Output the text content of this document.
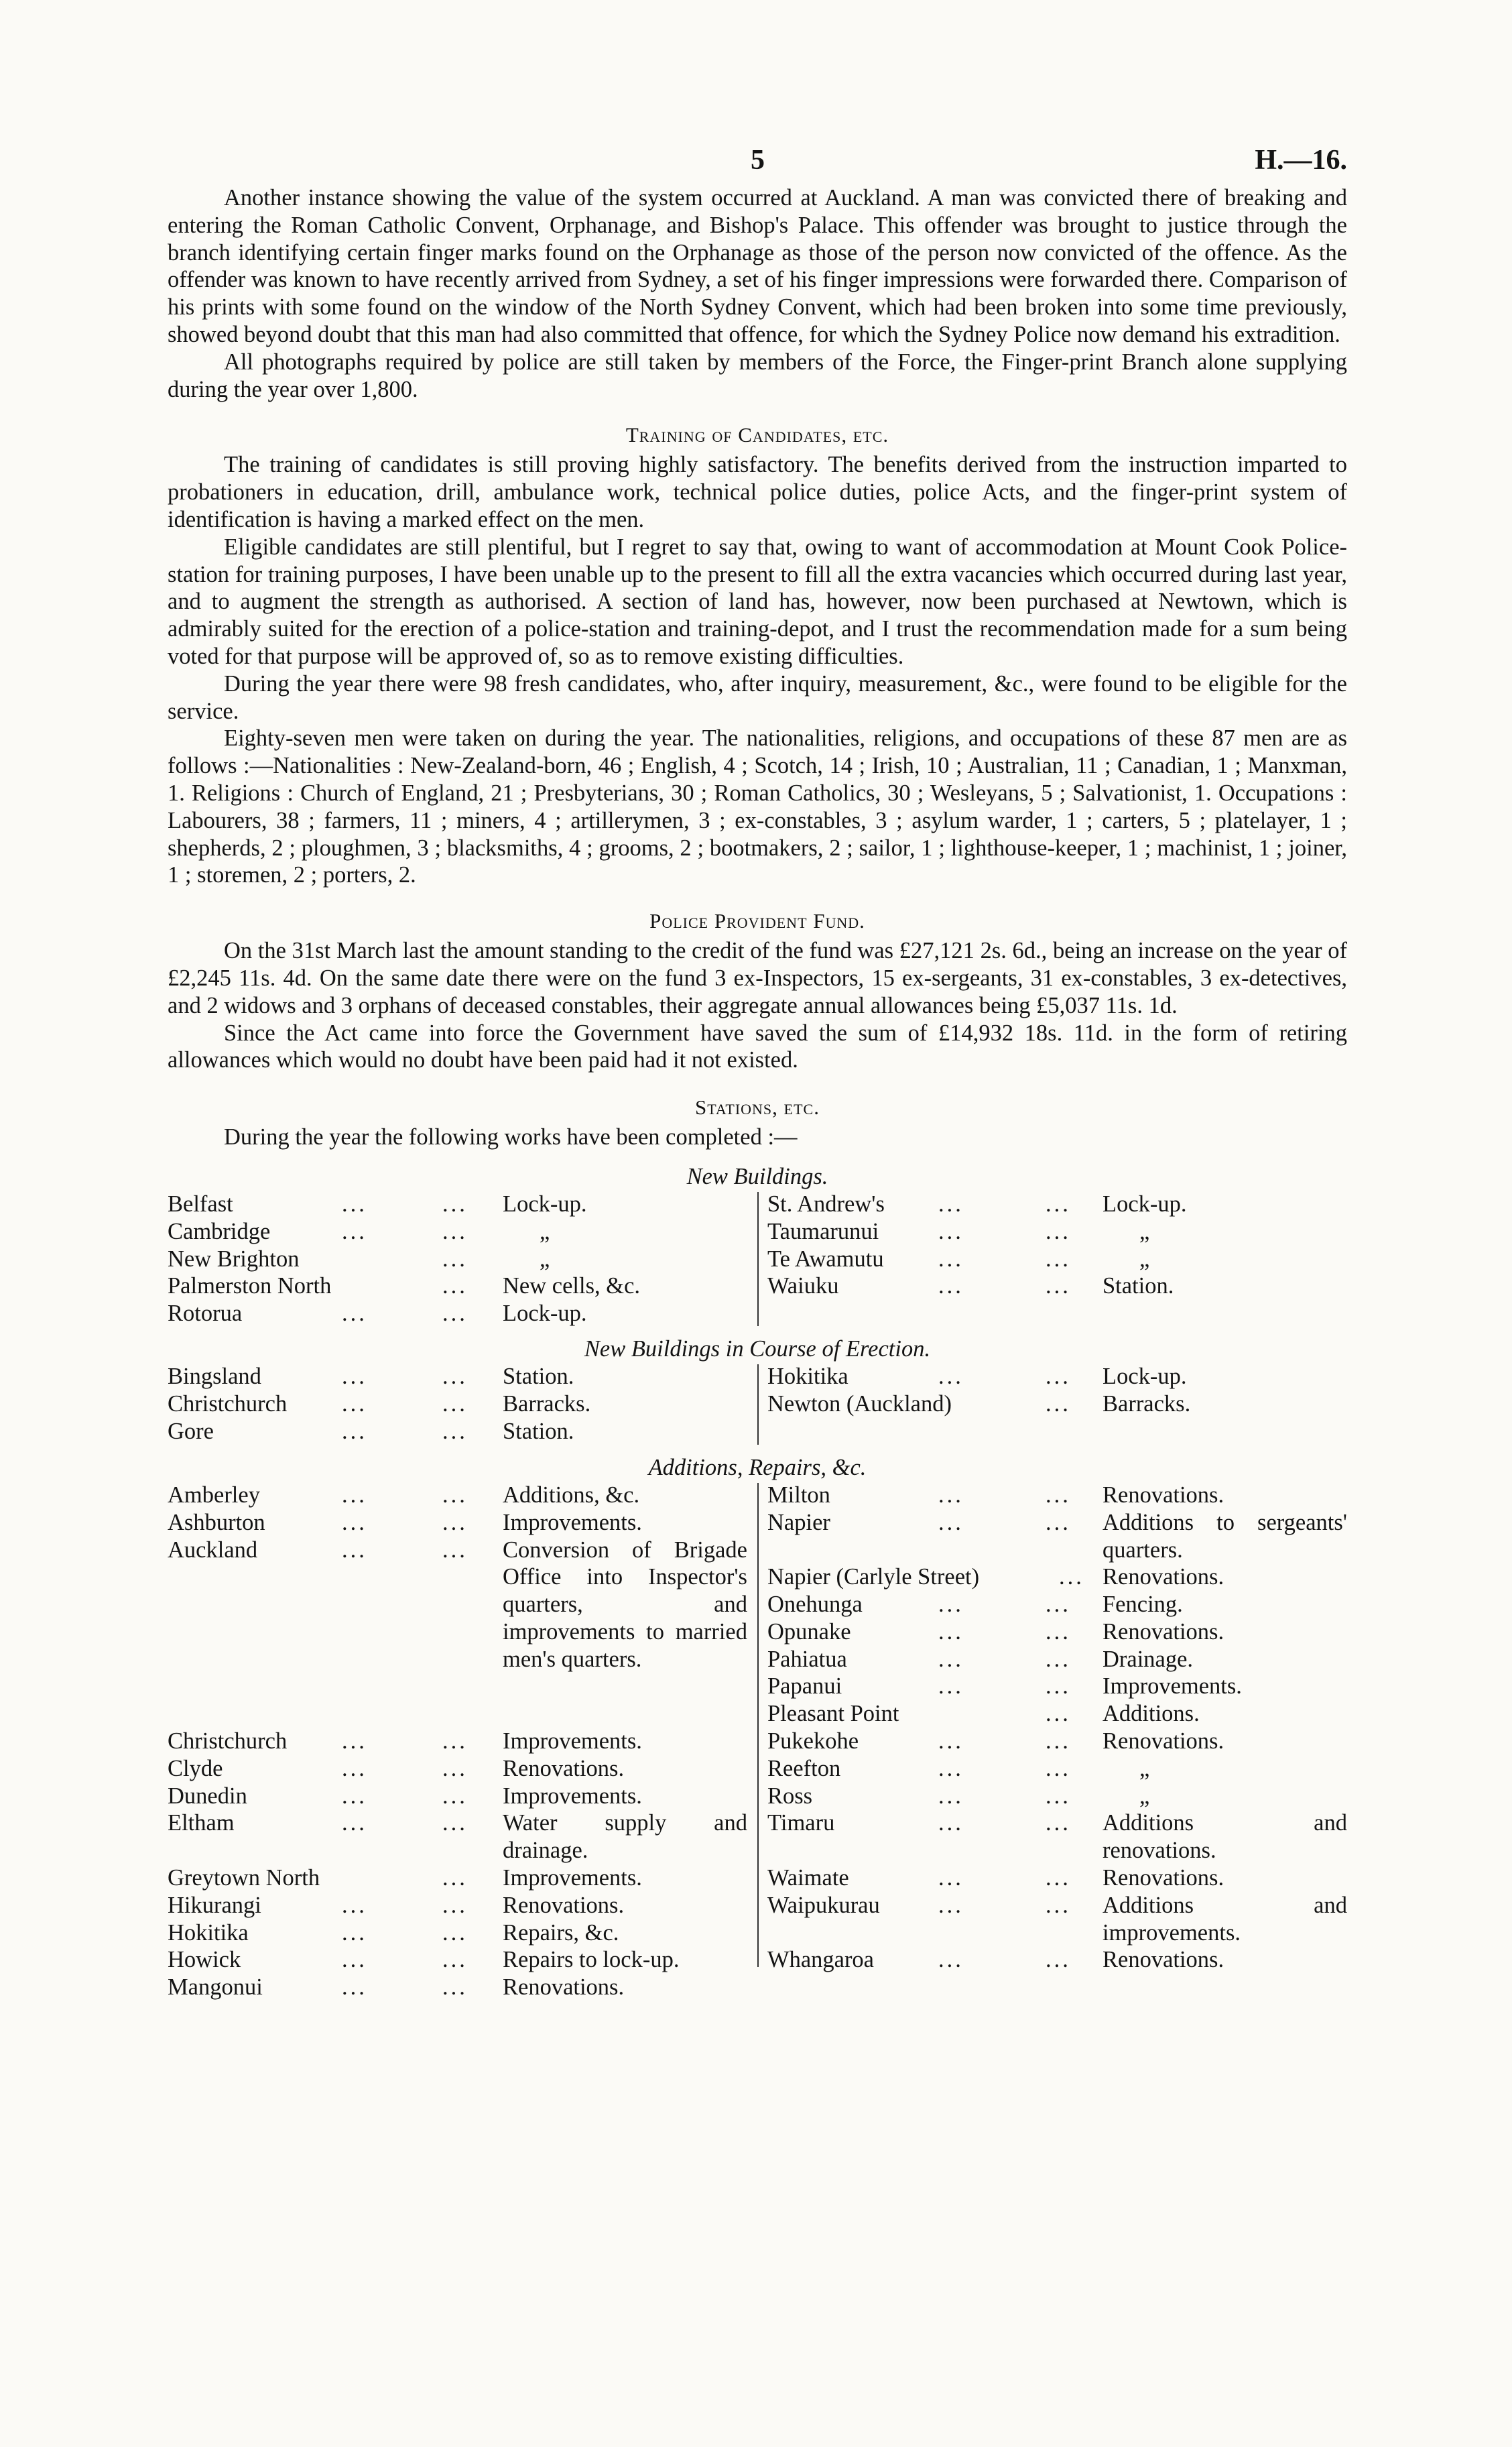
5	H.—16.

Another instance showing the value of the system occurred at Auckland. A man was convicted there of breaking and entering the Roman Catholic Convent, Orphanage, and Bishop's Palace. This offender was brought to justice through the branch identifying certain finger marks found on the Orphanage as those of the person now convicted of the offence. As the offender was known to have recently arrived from Sydney, a set of his finger impressions were forwarded there. Comparison of his prints with some found on the window of the North Sydney Convent, which had been broken into some time previously, showed beyond doubt that this man had also committed that offence, for which the Sydney Police now demand his extradition.

All photographs required by police are still taken by members of the Force, the Finger-print Branch alone supplying during the year over 1,800.

Training of Candidates, etc.

The training of candidates is still proving highly satisfactory. The benefits derived from the instruction imparted to probationers in education, drill, ambulance work, technical police duties, police Acts, and the finger-print system of identification is having a marked effect on the men.

Eligible candidates are still plentiful, but I regret to say that, owing to want of accommodation at Mount Cook Police-station for training purposes, I have been unable up to the present to fill all the extra vacancies which occurred during last year, and to augment the strength as authorised. A section of land has, however, now been purchased at Newtown, which is admirably suited for the erection of a police-station and training-depot, and I trust the recommendation made for a sum being voted for that purpose will be approved of, so as to remove existing difficulties.

During the year there were 98 fresh candidates, who, after inquiry, measurement, &c., were found to be eligible for the service.

Eighty-seven men were taken on during the year. The nationalities, religions, and occupations of these 87 men are as follows :—Nationalities : New-Zealand-born, 46 ; English, 4 ; Scotch, 14 ; Irish, 10 ; Australian, 11 ; Canadian, 1 ; Manxman, 1. Religions : Church of England, 21 ; Presbyterians, 30 ; Roman Catholics, 30 ; Wesleyans, 5 ; Salvationist, 1. Occupations : Labourers, 38 ; farmers, 11 ; miners, 4 ; artillerymen, 3 ; ex-constables, 3 ; asylum warder, 1 ; carters, 5 ; platelayer, 1 ; shepherds, 2 ; ploughmen, 3 ; blacksmiths, 4 ; grooms, 2 ; bootmakers, 2 ; sailor, 1 ; lighthouse-keeper, 1 ; machinist, 1 ; joiner, 1 ; storemen, 2 ; porters, 2.

Police Provident Fund.

On the 31st March last the amount standing to the credit of the fund was £27,121 2s. 6d., being an increase on the year of £2,245 11s. 4d. On the same date there were on the fund 3 ex-Inspectors, 15 ex-sergeants, 31 ex-constables, 3 ex-detectives, and 2 widows and 3 orphans of deceased constables, their aggregate annual allowances being £5,037 11s. 1d.

Since the Act came into force the Government have saved the sum of £14,932 18s. 11d. in the form of retiring allowances which would no doubt have been paid had it not existed.

Stations, etc.

During the year the following works have been completed :—

New Buildings.
Belfast	...	... Lock-up.
Cambridge	...	...	„
New Brighton	...	„
Palmerston North	... New cells, &c.
Rotorua	...	... Lock-up.
St. Andrew's ...	... Lock-up.
Taumarunui	...	...	„
Te Awamutu ...	...	„
Waiuku	...	... Station.
New Buildings in Course of Erection.
Bingsland	...	... Station.
Christchurch ...	... Barracks.
Gore	...	... Station.
Hokitika	...	... Lock-up.
Newton (Auckland)	... Barracks.
Additions, Repairs, &c.
Amberley	...	... Additions, &c.
Ashburton	...	... Improvements.
Auckland	...	... Conversion of Brigade Office into Inspector's quarters, and improvements to married men's quarters.
Christchurch ...	... Improvements.
Clyde	...	... Renovations.
Dunedin	...	... Improvements.
Eltham	...	... Water supply and drainage.
Greytown North	... Improvements.
Hikurangi	...	... Renovations.
Hokitika	...	... Repairs, &c.
Howick	...	... Repairs to lock-up.
Mangonui	...	... Renovations.
Milton	...	... Renovations.
Napier	...	... Additions to sergeants' quarters.
Napier (Carlyle Street)	... Renovations.
Onehunga	...	... Fencing.
Opunake	...	... Renovations.
Pahiatua	...	... Drainage.
Papanui	...	... Improvements.
Pleasant Point	... Additions.
Pukekohe	...	... Renovations.
Reefton	...	...	„
Ross	...	...	„
Timaru	...	... Additions and renovations.
Waimate	...	... Renovations.
Waipukurau	...	... Additions and improvements.
Whangaroa	...	... Renovations.
